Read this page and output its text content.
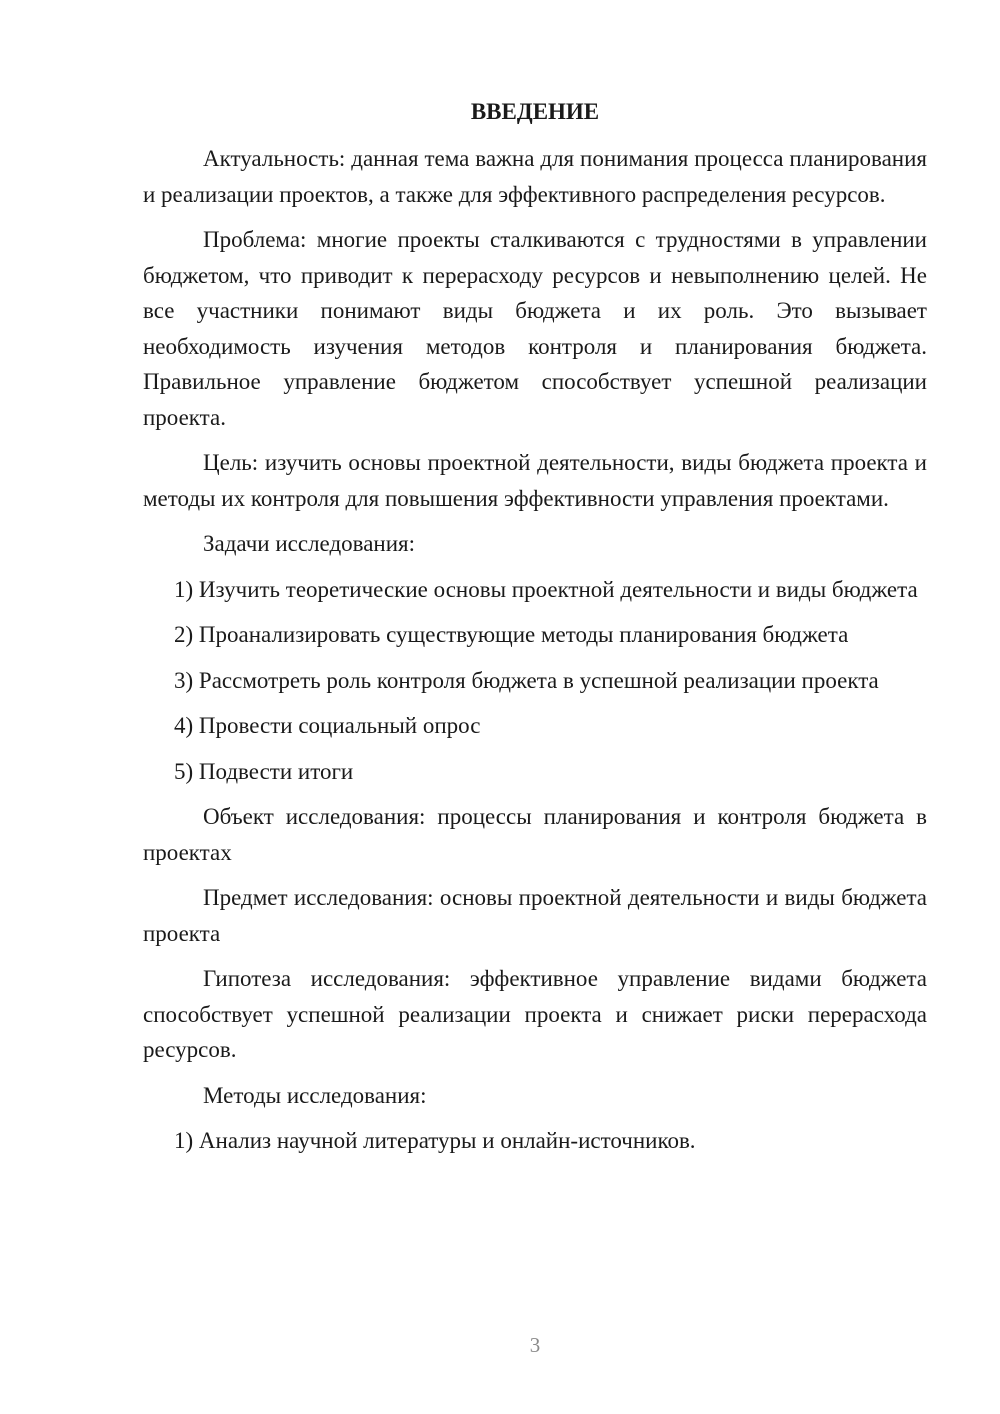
ВВЕДЕНИЕ
Актуальность: данная тема важна для понимания процесса планирования и реализации проектов, а также для эффективного распределения ресурсов.
Проблема: многие проекты сталкиваются с трудностями в управлении бюджетом, что приводит к перерасходу ресурсов и невыполнению целей. Не все участники понимают виды бюджета и их роль. Это вызывает необходимость изучения методов контроля и планирования бюджета. Правильное управление бюджетом способствует успешной реализации проекта.
Цель: изучить основы проектной деятельности, виды бюджета проекта и методы их контроля для повышения эффективности управления проектами.
Задачи исследования:
1) Изучить теоретические основы проектной деятельности и виды бюджета
2) Проанализировать существующие методы планирования бюджета
3) Рассмотреть роль контроля бюджета в успешной реализации проекта
4) Провести социальный опрос
5) Подвести итоги
Объект исследования: процессы планирования и контроля бюджета в проектах
Предмет исследования: основы проектной деятельности и виды бюджета проекта
Гипотеза исследования: эффективное управление видами бюджета способствует успешной реализации проекта и снижает риски перерасхода ресурсов.
Методы исследования:
1) Анализ научной литературы и онлайн-источников.
3
